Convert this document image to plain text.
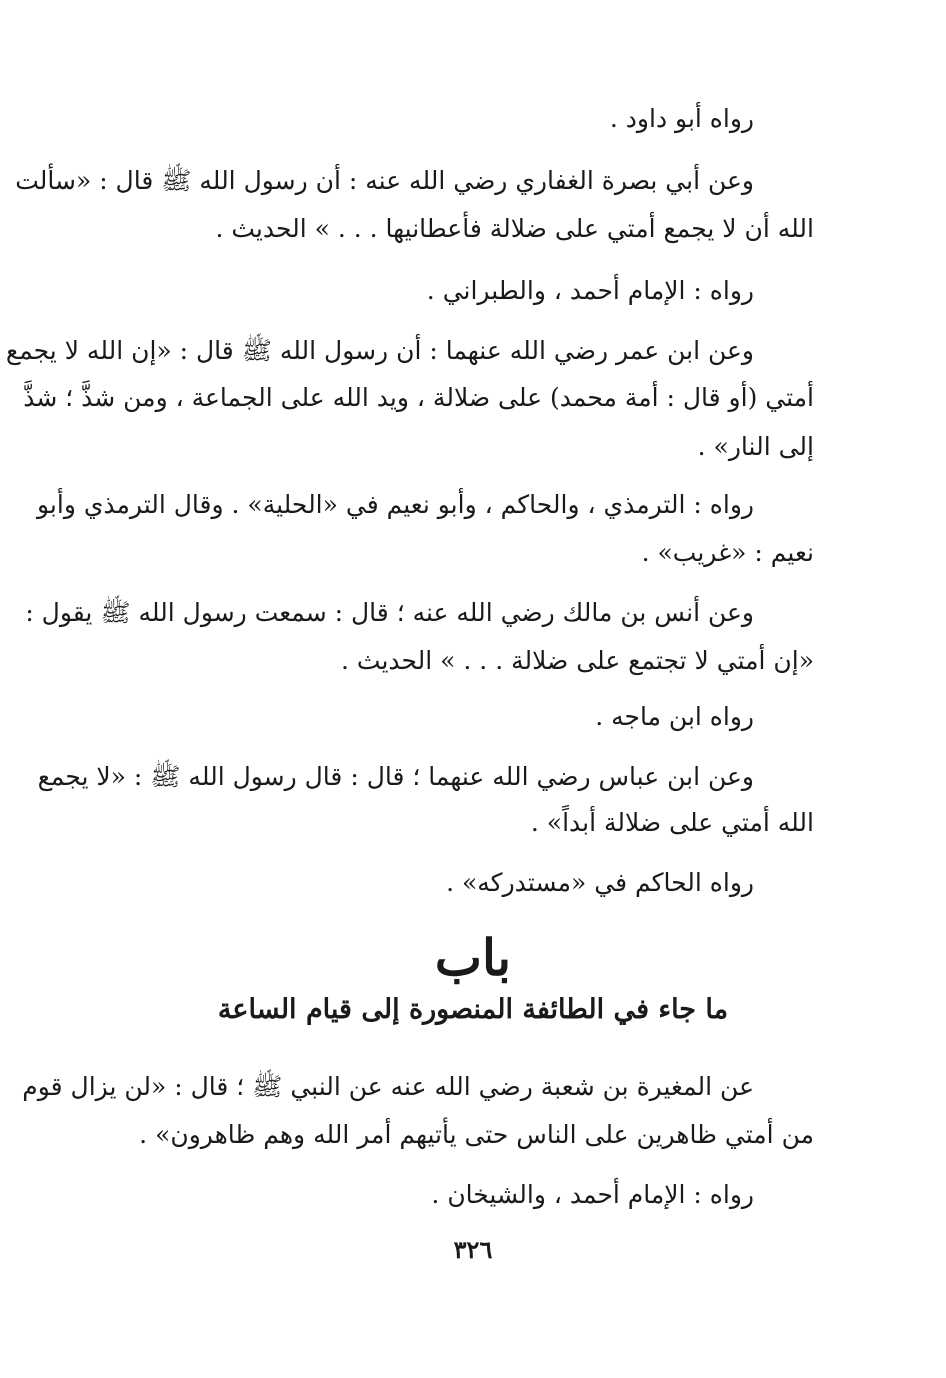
رواه أبو داود .
وعن أبي بصرة الغفاري رضي الله عنه : أن رسول الله ﷺ قال : «سألت
الله أن لا يجمع أمتي على ضلالة فأعطانيها . . . » الحديث .
رواه : الإمام أحمد ، والطبراني .
وعن ابن عمر رضي الله عنهما : أن رسول الله ﷺ قال : «إن الله لا يجمع
أمتي (أو قال : أمة محمد) على ضلالة ، ويد الله على الجماعة ، ومن شذَّ ؛ شذَّ
إلى النار» .
رواه : الترمذي ، والحاكم ، وأبو نعيم في «الحلية» . وقال الترمذي وأبو
نعيم : «غريب» .
وعن أنس بن مالك رضي الله عنه ؛ قال : سمعت رسول الله ﷺ يقول :
«إن أمتي لا تجتمع على ضلالة . . . » الحديث .
رواه ابن ماجه .
وعن ابن عباس رضي الله عنهما ؛ قال : قال رسول الله ﷺ : «لا يجمع
الله أمتي على ضلالة أبداً» .
رواه الحاكم في «مستدركه» .
باب
ما جاء في الطائفة المنصورة إلى قيام الساعة
عن المغيرة بن شعبة رضي الله عنه عن النبي ﷺ ؛ قال : «لن يزال قوم
من أمتي ظاهرين على الناس حتى يأتيهم أمر الله وهم ظاهرون» .
رواه : الإمام أحمد ، والشيخان .
٣٢٦
